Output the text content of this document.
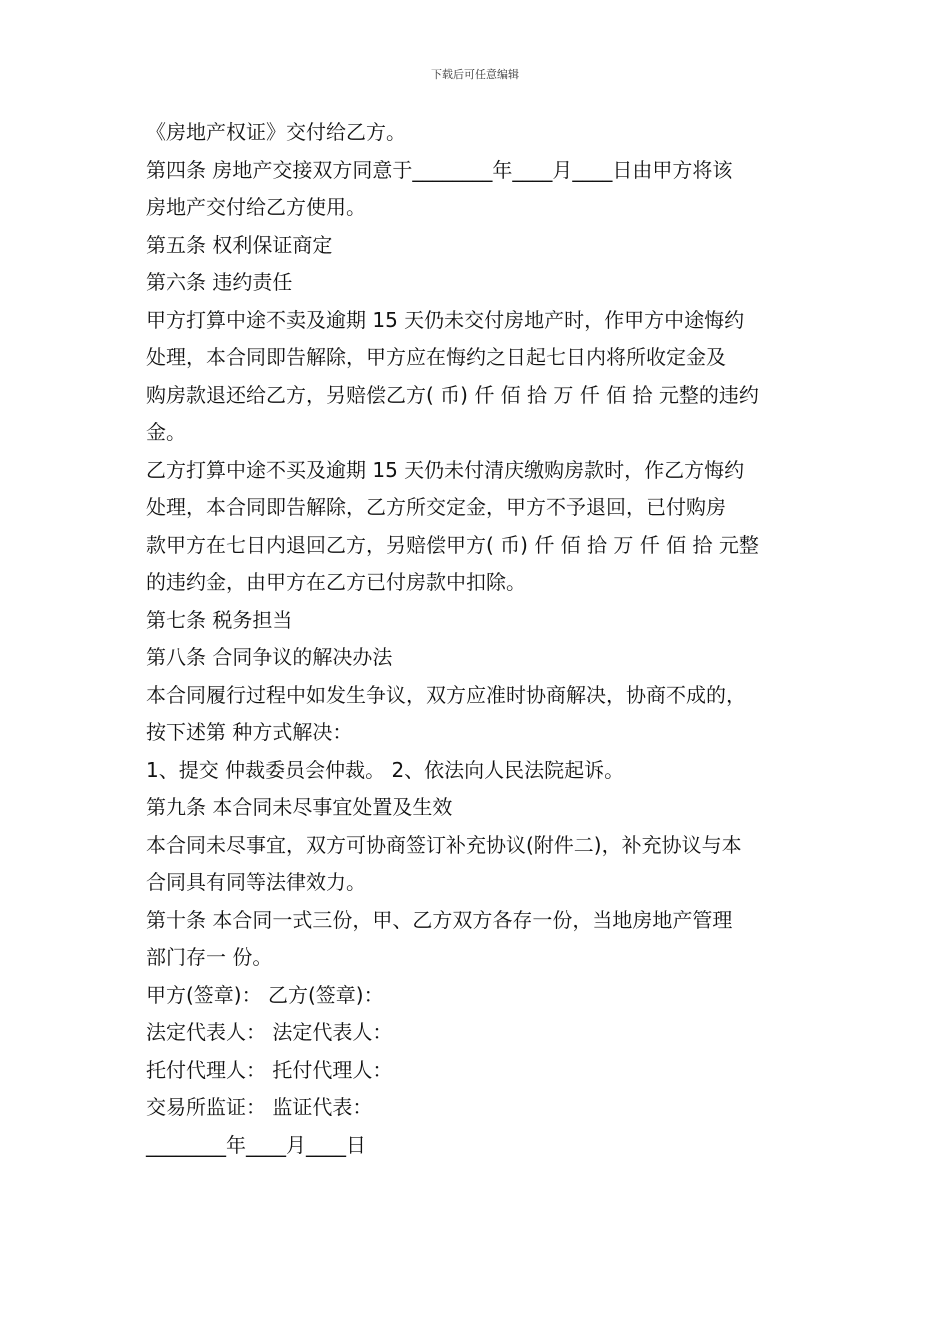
下载后可任意编辑

《房地产权证》交付给乙方。

第四条 房地产交接双方同意于________年____月____日由甲方将该

房地产交付给乙方使用。

第五条 权利保证商定

第六条 违约责任

甲方打算中途不卖及逾期 15 天仍未交付房地产时，作甲方中途悔约

处理，本合同即告解除，甲方应在悔约之日起七日内将所收定金及

购房款退还给乙方，另赔偿乙方( 币) 仟 佰 拾 万 仟 佰 拾 元整的违约

金。

乙方打算中途不买及逾期 15 天仍未付清庆缴购房款时，作乙方悔约

处理，本合同即告解除，乙方所交定金，甲方不予退回，已付购房

款甲方在七日内退回乙方，另赔偿甲方( 币) 仟 佰 拾 万 仟 佰 拾 元整

的违约金，由甲方在乙方已付房款中扣除。

第七条 税务担当

第八条 合同争议的解决办法

本合同履行过程中如发生争议，双方应准时协商解决，协商不成的，

按下述第 种方式解决：

1、提交 仲裁委员会仲裁。 2、依法向人民法院起诉。

第九条 本合同未尽事宜处置及生效

本合同未尽事宜，双方可协商签订补充协议(附件二)，补充协议与本

合同具有同等法律效力。

第十条 本合同一式三份，甲、乙方双方各存一份，当地房地产管理

部门存一 份。

甲方(签章)： 乙方(签章)：

法定代表人： 法定代表人：

托付代理人： 托付代理人：

交易所监证： 监证代表：

________年____月____日
